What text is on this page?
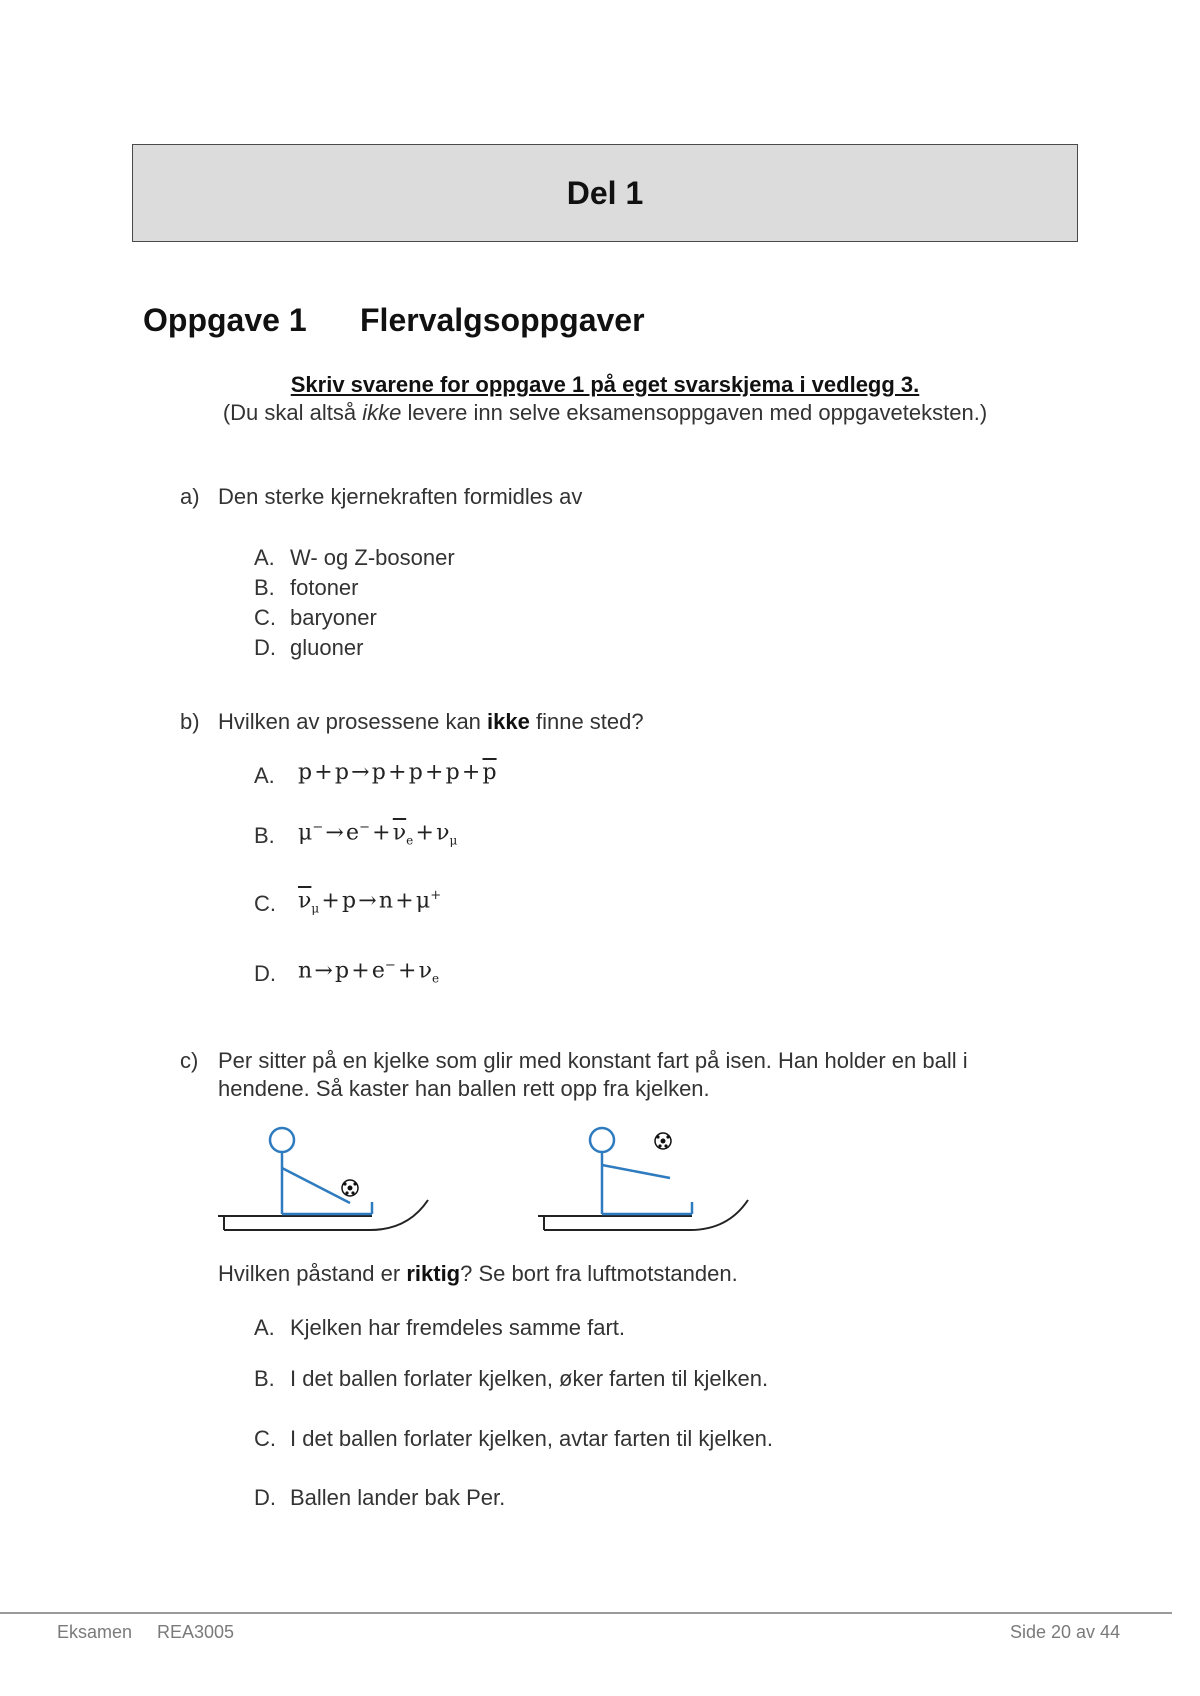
Del 1
Oppgave 1 Flervalgsoppgaver
Skriv svarene for oppgave 1 på eget svarskjema i vedlegg 3.
(Du skal altså ikke levere inn selve eksamensoppgaven med oppgaveteksten.)
a) Den sterke kjernekraften formidles av
A. W- og Z-bosoner
B. fotoner
C. baryoner
D. gluoner
b) Hvilken av prosessene kan ikke finne sted?
A. p + p → p + p + p + $\overline{p}$
B. μ− → e− + $\overline{\nu}_e$ + $\nu_\mu$
C. $\overline{\nu}_\mu$ + p → n + μ+
D. n → p + e− + $\nu_e$
c) Per sitter på en kjelke som glir med konstant fart på isen. Han holder en ball i
hendene. Så kaster han ballen rett opp fra kjelken.
Hvilken påstand er riktig? Se bort fra luftmotstanden.
A. Kjelken har fremdeles samme fart.
B. I det ballen forlater kjelken, øker farten til kjelken.
C. I det ballen forlater kjelken, avtar farten til kjelken.
D. Ballen lander bak Per.
Eksamen REA3005	Side 20 av 44
